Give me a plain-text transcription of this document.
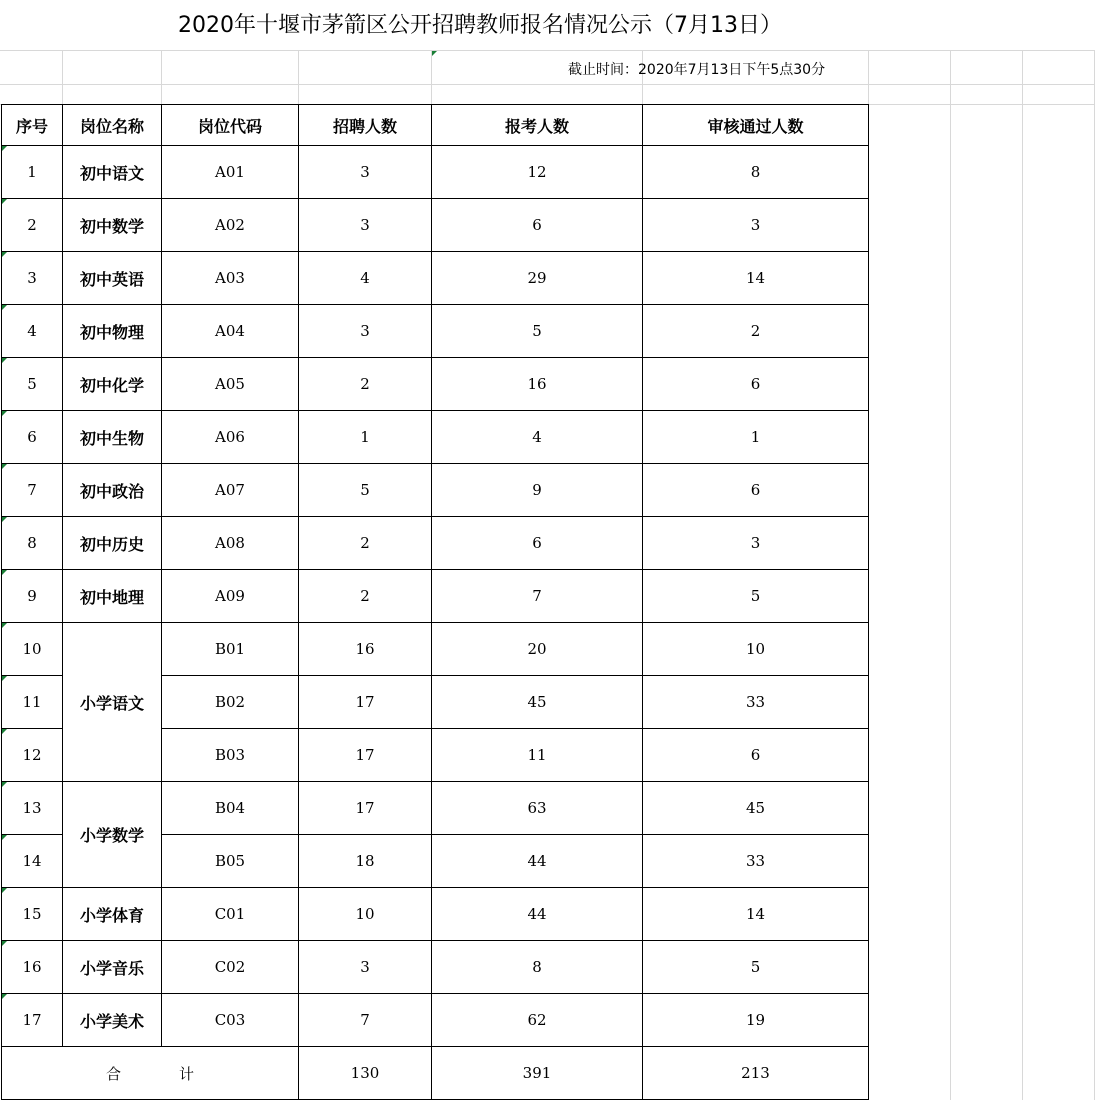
2020年十堰市茅箭区公开招聘教师报名情况公示（7月13日）
截止时间：2020年7月13日下午5点30分
序号	岗位名称	岗位代码	招聘人数	报考人数	审核通过人数

1	初中语文	A01	3	12	8

2	初中数学	A02	3	6	3

3	初中英语	A03	4	29	14

4	初中物理	A04	3	5	2

5	初中化学	A05	2	16	6

6	初中生物	A06	1	4	1

7	初中政治	A07	5	9	6

8	初中历史	A08	2	6	3

9	初中地理	A09	2	7	5

10	小学语文	B01	16	20	10

11		B02	17	45	33

12		B03	17	11	6

13	小学数学	B04	17	63	45

14		B05	18	44	33

15	小学体育	C01	10	44	14

16	小学音乐	C02	3	8	5

17	小学美术	C03	7	62	19
合 计			130	391	213
